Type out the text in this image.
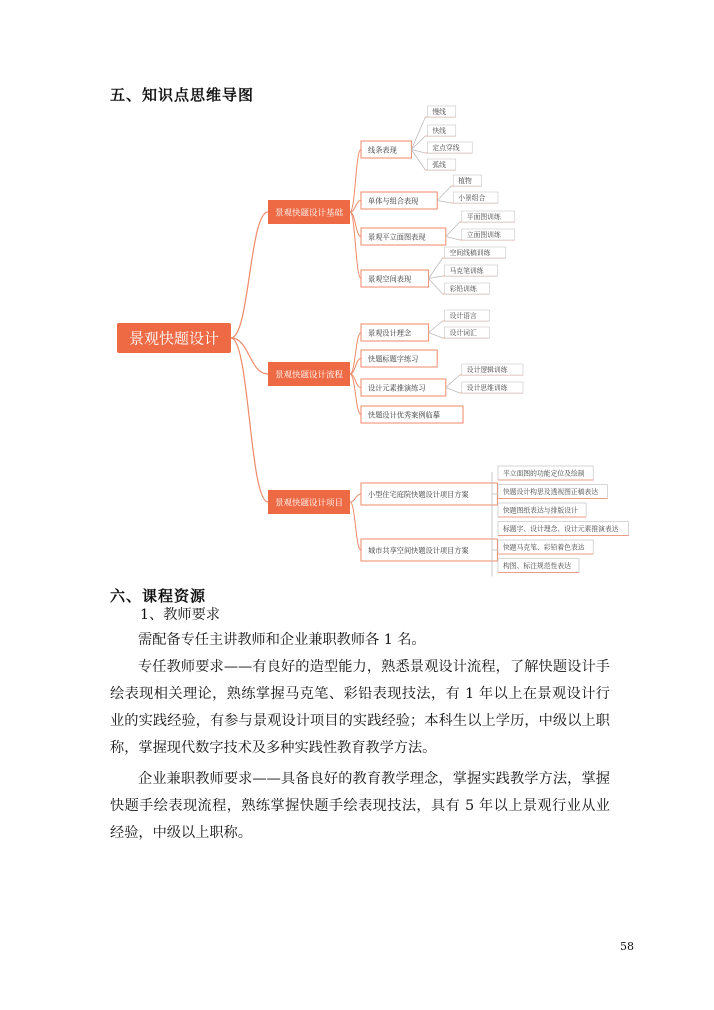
五、知识点思维导图
景观快题设计
景观快题设计基础
线条表现
慢线
快线
定点穿线
弧线
单体与组合表现
植物
小景组合
景观平立面图表现
平面图训练
立面图训练
景观空间表现
空间线稿训练
马克笔训练
彩铅训练
景观快题设计流程
景观设计理念
设计语言
设计词汇
快题标题字练习
设计元素推演练习
设计逻辑训练
设计思维训练
快题设计优秀案例临摹
景观快题设计项目
小型住宅庭院快题设计项目方案
城市共享空间快题设计项目方案
平立面图的功能定位及绘制
快题设计构思及透视图正稿表达
快题图纸表达与排版设计
标题字、设计理念、设计元素推演表达
快题马克笔、彩铅着色表达
构图、标注规范性表达
六、课程资源
1、教师要求

需配备专任主讲教师和企业兼职教师各 1 名。

专任教师要求——有良好的造型能力，熟悉景观设计流程，了解快题设计手绘表现相关理论，熟练掌握马克笔、彩铅表现技法，有 1 年以上在景观设计行业的实践经验，有参与景观设计项目的实践经验；本科生以上学历，中级以上职称，掌握现代数字技术及多种实践性教育教学方法。

企业兼职教师要求——具备良好的教育教学理念，掌握实践教学方法，掌握快题手绘表现流程，熟练掌握快题手绘表现技法，具有 5 年以上景观行业从业经验，中级以上职称。

58
